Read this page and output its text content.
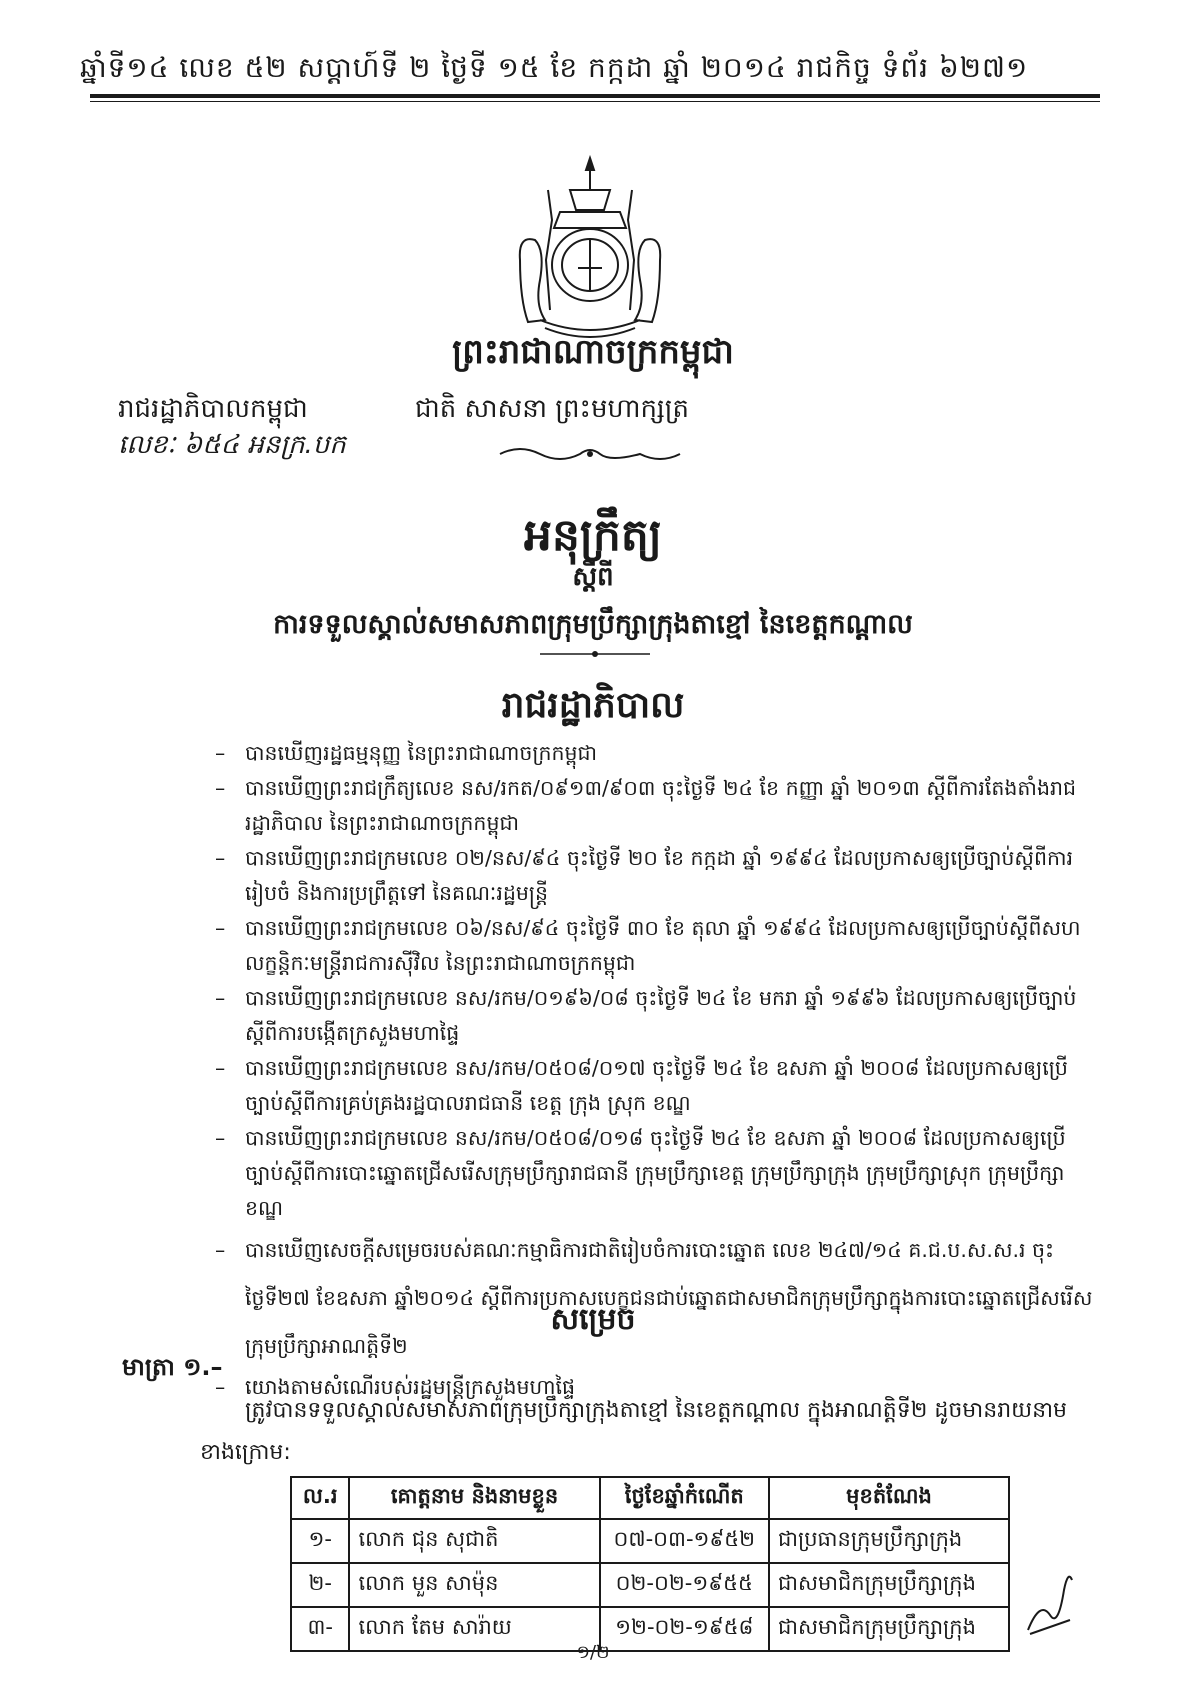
ឆ្នាំទី១៤ លេខ ៥២ សប្តាហ៍ទី ២ ថ្ងៃទី ១៥ ខែ កក្កដា ឆ្នាំ ២០១៤ រាជកិច្ច ទំព័រ ៦២៧១
ព្រះរាជាណាចក្រកម្ពុជា
រាជរដ្ឋាភិបាលកម្ពុជា	ជាតិ សាសនា ព្រះមហាក្សត្រ
លេខៈ ៦៥៤ អនក្រ.បក
អនុក្រឹត្យ
ស្តីពី
ការទទួលស្គាល់សមាសភាពក្រុមប្រឹក្សាក្រុងតាខ្មៅ នៃខេត្តកណ្តាល
រាជរដ្ឋាភិបាល
– បានឃើញរដ្ឋធម្មនុញ្ញ នៃព្រះរាជាណាចក្រកម្ពុជា
– បានឃើញព្រះរាជក្រឹត្យលេខ នស/រកត/០៩១៣/៩០៣ ចុះថ្ងៃទី ២៤ ខែ កញ្ញា ឆ្នាំ ២០១៣ ស្តីពីការតែងតាំងរាជរដ្ឋាភិបាល នៃព្រះរាជាណាចក្រកម្ពុជា
– បានឃើញព្រះរាជក្រមលេខ ០២/នស/៩៤ ចុះថ្ងៃទី ២០ ខែ កក្កដា ឆ្នាំ ១៩៩៤ ដែលប្រកាសឲ្យប្រើច្បាប់ស្តីពីការរៀបចំ និងការប្រព្រឹត្តទៅ នៃគណៈរដ្ឋមន្ត្រី
– បានឃើញព្រះរាជក្រមលេខ ០៦/នស/៩៤ ចុះថ្ងៃទី ៣០ ខែ តុលា ឆ្នាំ ១៩៩៤ ដែលប្រកាសឲ្យប្រើច្បាប់ស្តីពីសហលក្ខន្តិកៈមន្ត្រីរាជការស៊ីវិល នៃព្រះរាជាណាចក្រកម្ពុជា
– បានឃើញព្រះរាជក្រមលេខ នស/រកម/០១៩៦/០៨ ចុះថ្ងៃទី ២៤ ខែ មករា ឆ្នាំ ១៩៩៦ ដែលប្រកាសឲ្យប្រើច្បាប់ស្តីពីការបង្កើតក្រសួងមហាផ្ទៃ
– បានឃើញព្រះរាជក្រមលេខ នស/រកម/០៥០៨/០១៧ ចុះថ្ងៃទី ២៤ ខែ ឧសភា ឆ្នាំ ២០០៨ ដែលប្រកាសឲ្យប្រើច្បាប់ស្តីពីការគ្រប់គ្រងរដ្ឋបាលរាជធានី ខេត្ត ក្រុង ស្រុក ខណ្ឌ
– បានឃើញព្រះរាជក្រមលេខ នស/រកម/០៥០៨/០១៨ ចុះថ្ងៃទី ២៤ ខែ ឧសភា ឆ្នាំ ២០០៨ ដែលប្រកាសឲ្យប្រើច្បាប់ស្តីពីការបោះឆ្នោតជ្រើសរើសក្រុមប្រឹក្សារាជធានី ក្រុមប្រឹក្សាខេត្ត ក្រុមប្រឹក្សាក្រុង ក្រុមប្រឹក្សាស្រុក ក្រុមប្រឹក្សាខណ្ឌ
– បានឃើញសេចក្តីសម្រេចរបស់គណៈកម្មាធិការជាតិរៀបចំការបោះឆ្នោត លេខ ២៤៧/១៤ គ.ជ.ប.ស.ស.រ ចុះថ្ងៃទី២៧ ខែឧសភា ឆ្នាំ២០១៤ ស្តីពីការប្រកាសបេក្ខជនជាប់ឆ្នោតជាសមាជិកក្រុមប្រឹក្សាក្នុងការបោះឆ្នោតជ្រើសរើសក្រុមប្រឹក្សាអាណត្តិទី២
– យោងតាមសំណើរបស់រដ្ឋមន្ត្រីក្រសួងមហាផ្ទៃ
សម្រេច
មាត្រា ១.–
ត្រូវបានទទួលស្គាល់សមាសភាពក្រុមប្រឹក្សាក្រុងតាខ្មៅ នៃខេត្តកណ្តាល ក្នុងអាណត្តិទី២ ដូចមានរាយនាមខាងក្រោម:
ល.រ	គោត្តនាម និងនាមខ្លួន	ថ្ងៃខែឆ្នាំកំណើត	មុខតំណែង
១-	លោក ជុន សុជាតិ	០៧-០៣-១៩៥២	ជាប្រធានក្រុមប្រឹក្សាក្រុង
២-	លោក មួន សាម៉ុន	០២-០២-១៩៥៥	ជាសមាជិកក្រុមប្រឹក្សាក្រុង
៣-	លោក តែម សារ៉ាយ	១២-០២-១៩៥៨	ជាសមាជិកក្រុមប្រឹក្សាក្រុង
១/២
